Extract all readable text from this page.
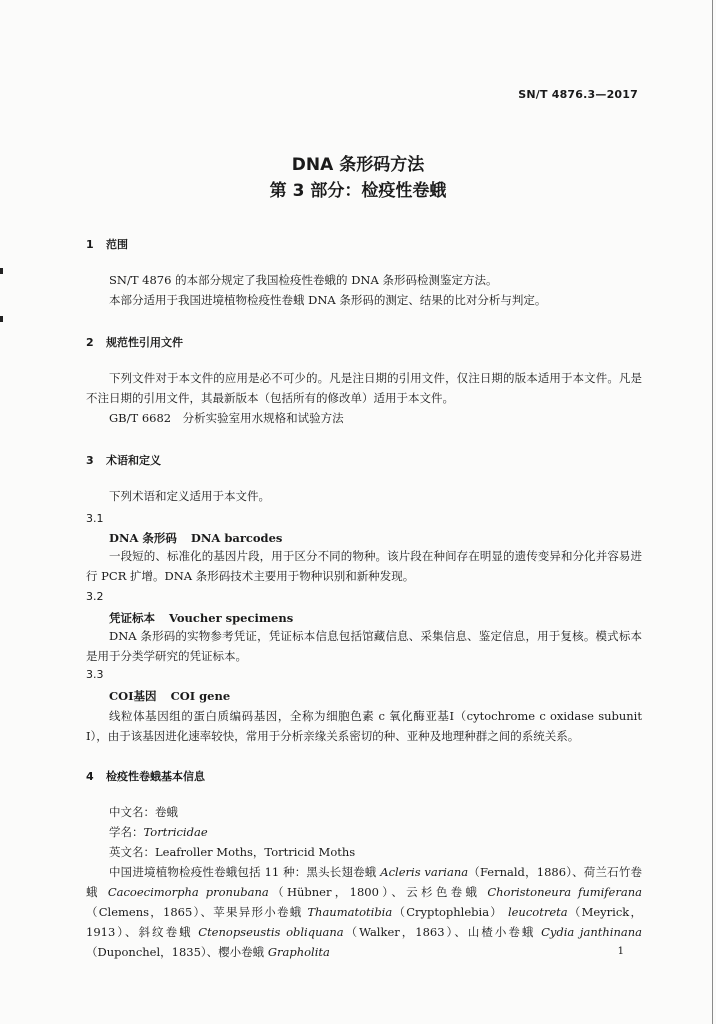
SN/T 4876.3—2017
DNA 条形码方法
第 3 部分：检疫性卷蛾
1 范围
SN/T 4876 的本部分规定了我国检疫性卷蛾的 DNA 条形码检测鉴定方法。
本部分适用于我国进境植物检疫性卷蛾 DNA 条形码的测定、结果的比对分析与判定。
2 规范性引用文件
下列文件对于本文件的应用是必不可少的。凡是注日期的引用文件，仅注日期的版本适用于本文件。凡是不注日期的引用文件，其最新版本（包括所有的修改单）适用于本文件。
GB/T 6682　分析实验室用水规格和试验方法
3 术语和定义
下列术语和定义适用于本文件。
3.1
DNA 条形码 DNA barcodes
一段短的、标准化的基因片段，用于区分不同的物种。该片段在种间存在明显的遗传变异和分化并容易进行 PCR 扩增。DNA 条形码技术主要用于物种识别和新种发现。
3.2
凭证标本 Voucher specimens
DNA 条形码的实物参考凭证，凭证标本信息包括馆藏信息、采集信息、鉴定信息，用于复核。模式标本是用于分类学研究的凭证标本。
3.3
COⅠ基因 COⅠ gene
线粒体基因组的蛋白质编码基因，全称为细胞色素 c 氧化酶亚基Ⅰ（cytochrome c oxidase subunit Ⅰ），由于该基因进化速率较快，常用于分析亲缘关系密切的种、亚种及地理种群之间的系统关系。
4 检疫性卷蛾基本信息
中文名：卷蛾
学名：Tortricidae
英文名：Leafroller Moths，Tortricid Moths
中国进境植物检疫性卷蛾包括 11 种：黑头长翅卷蛾 Acleris variana（Fernald，1886）、荷兰石竹卷蛾 Cacoecimorpha pronubana（Hübner，1800）、云杉色卷蛾 Choristoneura fumiferana（Clemens，1865）、苹果异形小卷蛾 Thaumatotibia（Cryptophlebia） leucotreta（Meyrick，1913）、斜纹卷蛾 Ctenopseustis obliquana（Walker，1863）、山楂小卷蛾 Cydia janthinana（Duponchel，1835）、樱小卷蛾 Grapholita	1
